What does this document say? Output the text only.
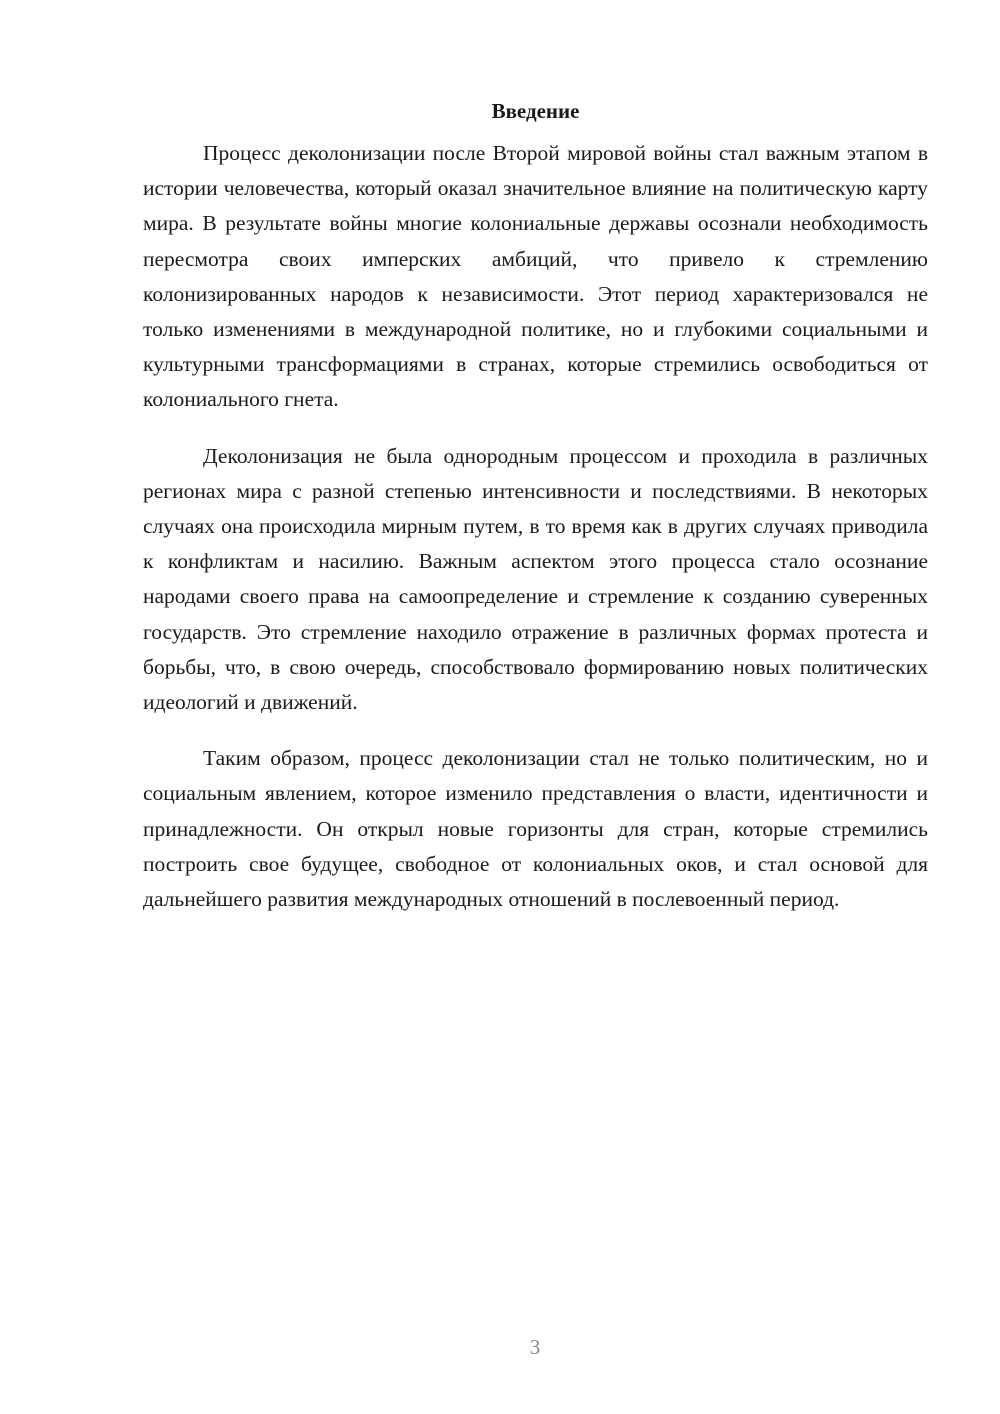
Введение

Процесс деколонизации после Второй мировой войны стал важным этапом в истории человечества, который оказал значительное влияние на политическую карту мира. В результате войны многие колониальные державы осознали необходимость пересмотра своих имперских амбиций, что привело к стремлению колонизированных народов к независимости. Этот период характеризовался не только изменениями в международной политике, но и глубокими социальными и культурными трансформациями в странах, которые стремились освободиться от колониального гнета.

Деколонизация не была однородным процессом и проходила в различных регионах мира с разной степенью интенсивности и последствиями. В некоторых случаях она происходила мирным путем, в то время как в других случаях приводила к конфликтам и насилию. Важным аспектом этого процесса стало осознание народами своего права на самоопределение и стремление к созданию суверенных государств. Это стремление находило отражение в различных формах протеста и борьбы, что, в свою очередь, способствовало формированию новых политических идеологий и движений.

Таким образом, процесс деколонизации стал не только политическим, но и социальным явлением, которое изменило представления о власти, идентичности и принадлежности. Он открыл новые горизонты для стран, которые стремились построить свое будущее, свободное от колониальных оков, и стал основой для дальнейшего развития международных отношений в послевоенный период.

3
